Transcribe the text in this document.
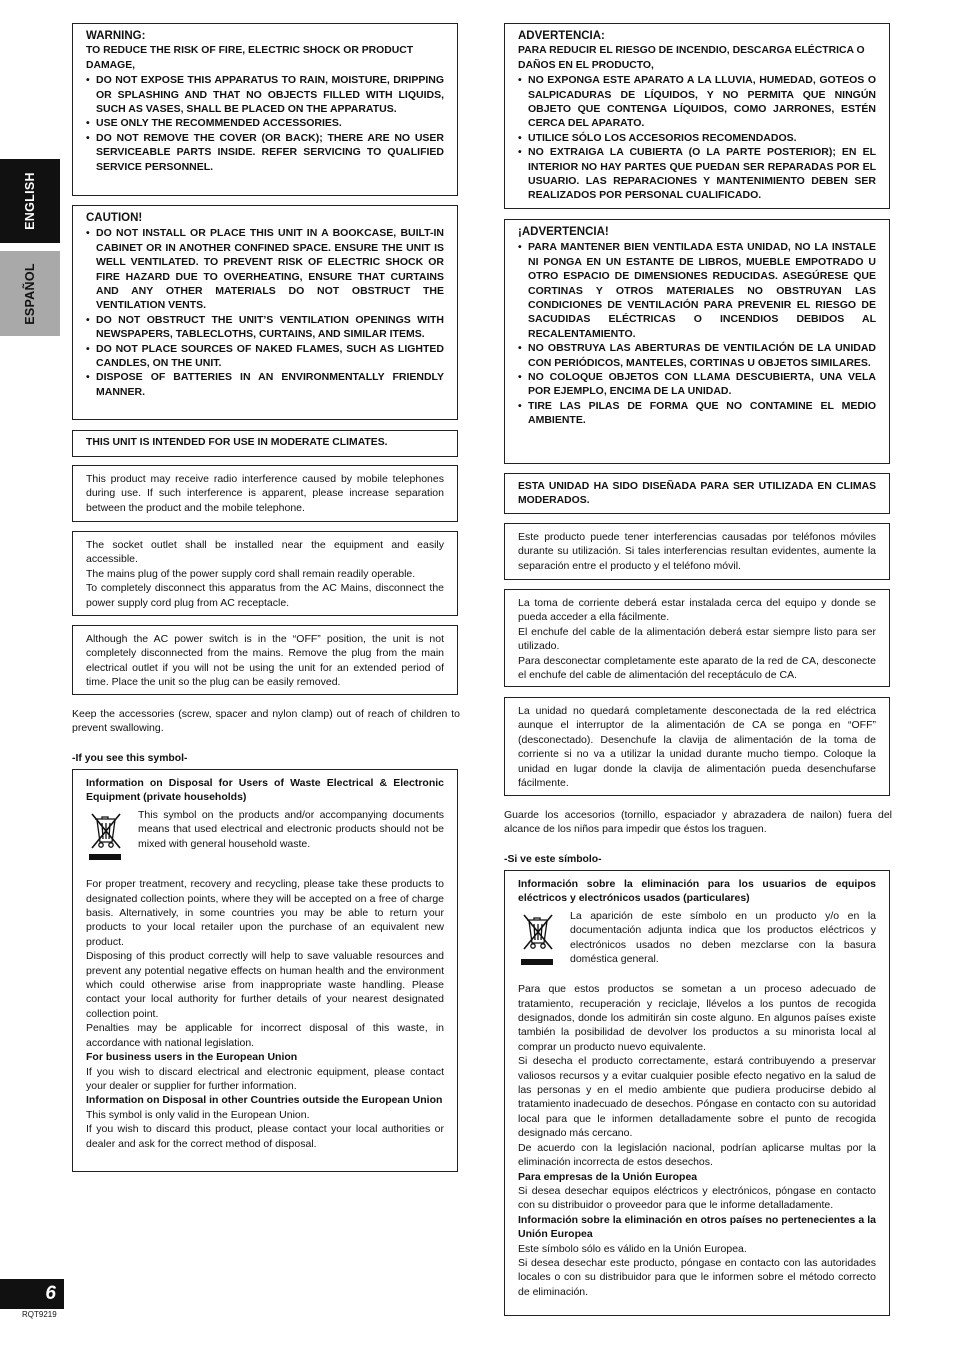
ENGLISH
ESPAÑOL
WARNING:
TO REDUCE THE RISK OF FIRE, ELECTRIC SHOCK OR PRODUCT DAMAGE,
• DO NOT EXPOSE THIS APPARATUS TO RAIN, MOISTURE, DRIPPING OR SPLASHING AND THAT NO OBJECTS FILLED WITH LIQUIDS, SUCH AS VASES, SHALL BE PLACED ON THE APPARATUS.
• USE ONLY THE RECOMMENDED ACCESSORIES.
• DO NOT REMOVE THE COVER (OR BACK); THERE ARE NO USER SERVICEABLE PARTS INSIDE. REFER SERVICING TO QUALIFIED SERVICE PERSONNEL.
CAUTION!
• DO NOT INSTALL OR PLACE THIS UNIT IN A BOOKCASE, BUILT-IN CABINET OR IN ANOTHER CONFINED SPACE. ENSURE THE UNIT IS WELL VENTILATED. TO PREVENT RISK OF ELECTRIC SHOCK OR FIRE HAZARD DUE TO OVERHEATING, ENSURE THAT CURTAINS AND ANY OTHER MATERIALS DO NOT OBSTRUCT THE VENTILATION VENTS.
• DO NOT OBSTRUCT THE UNIT’S VENTILATION OPENINGS WITH NEWSPAPERS, TABLECLOTHS, CURTAINS, AND SIMILAR ITEMS.
• DO NOT PLACE SOURCES OF NAKED FLAMES, SUCH AS LIGHTED CANDLES, ON THE UNIT.
• DISPOSE OF BATTERIES IN AN ENVIRONMENTALLY FRIENDLY MANNER.
THIS UNIT IS INTENDED FOR USE IN MODERATE CLIMATES.

This product may receive radio interference caused by mobile telephones during use. If such interference is apparent, please increase separation between the product and the mobile telephone.

The socket outlet shall be installed near the equipment and easily accessible.

The mains plug of the power supply cord shall remain readily operable.

To completely disconnect this apparatus from the AC Mains, disconnect the power supply cord plug from AC receptacle.

Although the AC power switch is in the “OFF” position, the unit is not completely disconnected from the mains. Remove the plug from the main electrical outlet if you will not be using the unit for an extended period of time. Place the unit so the plug can be easily removed.

Keep the accessories (screw, spacer and nylon clamp) out of reach of children to prevent swallowing.
-If you see this symbol-
Information on Disposal for Users of Waste Electrical & Electronic Equipment (private households)
This symbol on the products and/or accompanying documents means that used electrical and electronic products should not be mixed with general household waste.

For proper treatment, recovery and recycling, please take these products to designated collection points, where they will be accepted on a free of charge basis. Alternatively, in some countries you may be able to return your products to your local retailer upon the purchase of an equivalent new product.

Disposing of this product correctly will help to save valuable resources and prevent any potential negative effects on human health and the environment which could otherwise arise from inappropriate waste handling. Please contact your local authority for further details of your nearest designated collection point.

Penalties may be applicable for incorrect disposal of this waste, in accordance with national legislation.

For business users in the European Union

If you wish to discard electrical and electronic equipment, please contact your dealer or supplier for further information.

Information on Disposal in other Countries outside the European Union

This symbol is only valid in the European Union.

If you wish to discard this product, please contact your local authorities or dealer and ask for the correct method of disposal.

ADVERTENCIA:
PARA REDUCIR EL RIESGO DE INCENDIO, DESCARGA ELÉCTRICA O DAÑOS EN EL PRODUCTO,
• NO EXPONGA ESTE APARATO A LA LLUVIA, HUMEDAD, GOTEOS O SALPICADURAS DE LÍQUIDOS, Y NO PERMITA QUE NINGÚN OBJETO QUE CONTENGA LÍQUIDOS, COMO JARRONES, ESTÉN CERCA DEL APARATO.
• UTILICE SÓLO LOS ACCESORIOS RECOMENDADOS.
• NO EXTRAIGA LA CUBIERTA (O LA PARTE POSTERIOR); EN EL INTERIOR NO HAY PARTES QUE PUEDAN SER REPARADAS POR EL USUARIO. LAS REPARACIONES Y MANTENIMIENTO DEBEN SER REALIZADOS POR PERSONAL CUALIFICADO.
¡ADVERTENCIA!
• PARA MANTENER BIEN VENTILADA ESTA UNIDAD, NO LA INSTALE NI PONGA EN UN ESTANTE DE LIBROS, MUEBLE EMPOTRADO U OTRO ESPACIO DE DIMENSIONES REDUCIDAS. ASEGÚRESE QUE CORTINAS Y OTROS MATERIALES NO OBSTRUYAN LAS CONDICIONES DE VENTILACIÓN PARA PREVENIR EL RIESGO DE SACUDIDAS ELÉCTRICAS O INCENDIOS DEBIDOS AL RECALENTAMIENTO.
• NO OBSTRUYA LAS ABERTURAS DE VENTILACIÓN DE LA UNIDAD CON PERIÓDICOS, MANTELES, CORTINAS U OBJETOS SIMILARES.
• NO COLOQUE OBJETOS CON LLAMA DESCUBIERTA, UNA VELA POR EJEMPLO, ENCIMA DE LA UNIDAD.
• TIRE LAS PILAS DE FORMA QUE NO CONTAMINE EL MEDIO AMBIENTE.
ESTA UNIDAD HA SIDO DISEÑADA PARA SER UTILIZADA EN CLIMAS MODERADOS.

Este producto puede tener interferencias causadas por teléfonos móviles durante su utilización. Si tales interferencias resultan evidentes, aumente la separación entre el producto y el teléfono móvil.

La toma de corriente deberá estar instalada cerca del equipo y donde se pueda acceder a ella fácilmente.

El enchufe del cable de la alimentación deberá estar siempre listo para ser utilizado.

Para desconectar completamente este aparato de la red de CA, desconecte el enchufe del cable de alimentación del receptáculo de CA.

La unidad no quedará completamente desconectada de la red eléctrica aunque el interruptor de la alimentación de CA se ponga en “OFF” (desconectado). Desenchufe la clavija de alimentación de la toma de corriente si no va a utilizar la unidad durante mucho tiempo. Coloque la unidad en lugar donde la clavija de alimentación pueda desenchufarse fácilmente.

Guarde los accesorios (tornillo, espaciador y abrazadera de nailon) fuera del alcance de los niños para impedir que éstos los traguen.
-Si ve este símbolo-
Información sobre la eliminación para los usuarios de equipos eléctricos y electrónicos usados (particulares)
La aparición de este símbolo en un producto y/o en la documentación adjunta indica que los productos eléctricos y electrónicos usados no deben mezclarse con la basura doméstica general.

Para que estos productos se sometan a un proceso adecuado de tratamiento, recuperación y reciclaje, llévelos a los puntos de recogida designados, donde los admitirán sin coste alguno. En algunos países existe también la posibilidad de devolver los productos a su minorista local al comprar un producto nuevo equivalente.

Si desecha el producto correctamente, estará contribuyendo a preservar valiosos recursos y a evitar cualquier posible efecto negativo en la salud de las personas y en el medio ambiente que pudiera producirse debido al tratamiento inadecuado de desechos. Póngase en contacto con su autoridad local para que le informen detalladamente sobre el punto de recogida designado más cercano.

De acuerdo con la legislación nacional, podrían aplicarse multas por la eliminación incorrecta de estos desechos.

Para empresas de la Unión Europea

Si desea desechar equipos eléctricos y electrónicos, póngase en contacto con su distribuidor o proveedor para que le informe detalladamente.

Información sobre la eliminación en otros países no pertenecientes a la Unión Europea

Este símbolo sólo es válido en la Unión Europea.

Si desea desechar este producto, póngase en contacto con las autoridades locales o con su distribuidor para que le informen sobre el método correcto de eliminación.

6
RQT9219
